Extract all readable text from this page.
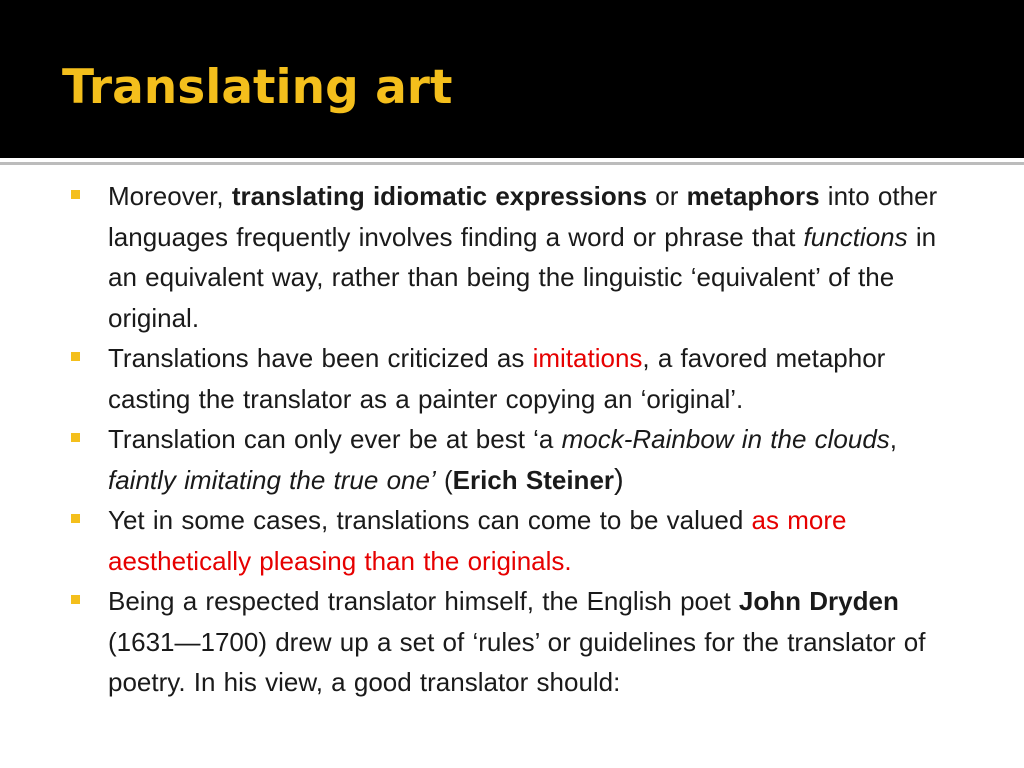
Translating art
Moreover, translating idiomatic expressions or metaphors into other languages frequently involves finding a word or phrase that functions in an equivalent way, rather than being the linguistic ‘equivalent’ of the original.
Translations have been criticized as imitations, a favored metaphor casting the translator as a painter copying an ‘original’.
Translation can only ever be at best ‘a mock-Rainbow in the clouds, faintly imitating the true one’ (Erich Steiner)
Yet in some cases, translations can come to be valued as more aesthetically pleasing than the originals.
Being a respected translator himself, the English poet John Dryden (1631—1700) drew up a set of ‘rules’ or guidelines for the translator of poetry. In his view, a good translator should:
